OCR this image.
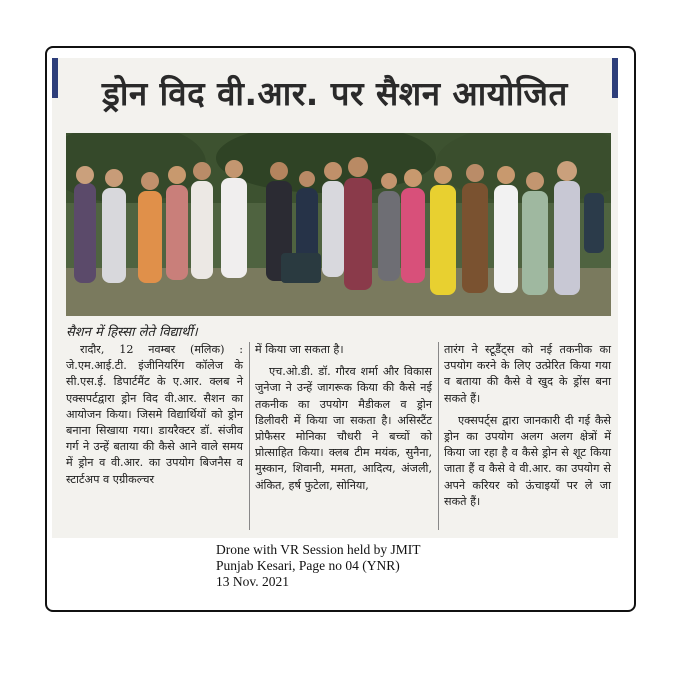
ड्रोन विद वी.आर. पर सैशन आयोजित
सैशन में हिस्सा लेते विद्यार्थी।

रादौर, 12 नवम्बर (मलिक) : जे.एम.आई.टी. इंजीनियरिंग कॉलेज के सी.एस.ई. डिपार्टमैंट के ए.आर. क्लब ने एक्सपर्टद्वारा ड्रोन विद वी.आर. सैशन का आयोजन किया। जिसमे विद्यार्थियों को ड्रोन बनाना सिखाया गया। डायरैक्टर डॉ. संजीव गर्ग ने उन्हें बताया की कैसे आने वाले समय में ड्रोन व वी.आर. का उपयोग बिजनैस व स्टार्टअप व एग्रीकल्चर

में किया जा सकता है।

एच.ओ.डी. डॉ. गौरव शर्मा और विकास जुनेजा ने उन्हें जागरूक किया की कैसे नई तकनीक का उपयोग मैडीकल व ड्रोन डिलीवरी में किया जा सकता है। असिस्टैंट प्रोफैसर मोनिका चौधरी ने बच्चों को प्रोत्साहित किया। क्लब टीम मयंक, सुनैना, मुस्कान, शिवानी, ममता, आदित्य, अंजली, अंकित, हर्ष फुटेला, सोनिया,

तारंग ने स्टूडैंट्स को नई तकनीक का उपयोग करने के लिए उत्प्रेरित किया गया व बताया की कैसे वे खुद के ड्रोंस बना सकते हैं।

एक्सपर्ट्स द्वारा जानकारी दी गई कैसे ड्रोन का उपयोग अलग अलग क्षेत्रों में किया जा रहा है व कैसे ड्रोन से शूट किया जाता हैं व कैसे वे वी.आर. का उपयोग से अपने करियर को ऊंचाइयों पर ले जा सकते हैं।

Drone with VR Session held by JMIT
Punjab Kesari, Page no 04 (YNR)
13 Nov. 2021
